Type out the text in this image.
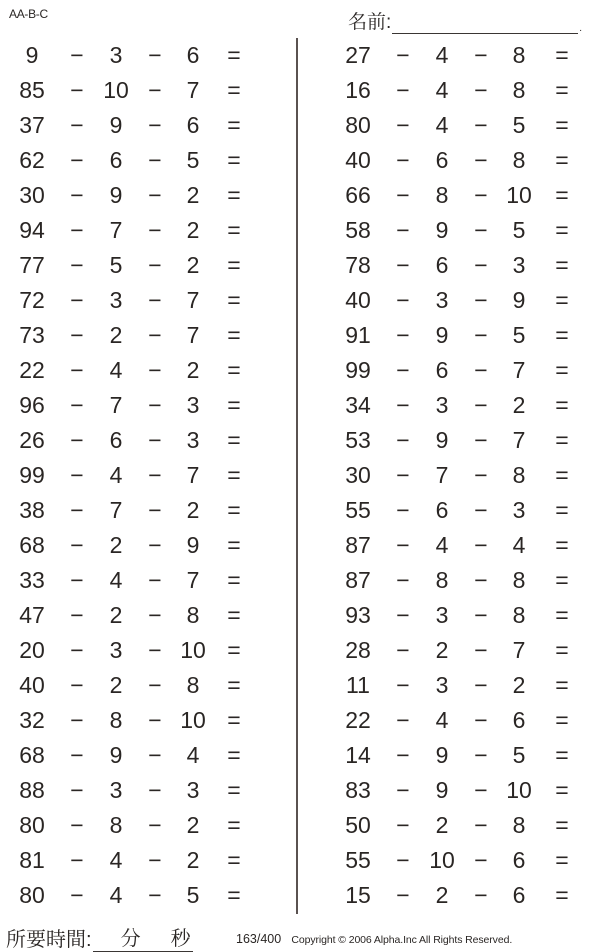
AA-B-C	名前:	.
9	−	3	−	6	=
85 − 10 −	7	=
37 −	9	−	6	=
62 −	6	−	5	=
30 −	9	−	2	=
94 −	7	−	2	=
77 −	5	−	2	=
72 −	3	−	7	=
73 −	2	−	7	=
22 −	4	−	2	=
96 −	7	−	3	=
26 −	6	−	3	=
99 −	4	−	7	=
38 −	7	−	2	=
68 −	2	−	9	=
33 −	4	−	7	=
47 −	2	−	8	=
20 −	3	− 10 =
40 −	2	−	8	=
32 −	8	− 10 =
68 −	9	−	4	=
88 −	3	−	3	=
80 −	8	−	2	=
81 −	4	−	2	=
80 −	4	−	5	=
27 −	4	−	8	=
16 −	4	−	8	=
80 −	4	−	5	=
40 −	6	−	8	=
66 −	8	− 10 =
58 −	9	−	5	=
78 −	6	−	3	=
40 −	3	−	9	=
91 −	9	−	5	=
99 −	6	−	7	=
34 −	3	−	2	=
53 −	9	−	7	=
30 −	7	−	8	=
55 −	6	−	3	=
87 −	4	−	4	=
87 −	8	−	8	=
93 −	3	−	8	=
28 −	2	−	7	=
11 −	3	−	2	=
22 −	4	−	6	=
14 −	9	−	5	=
83 −	9	− 10 =
50 −	2	−	8	=
55 − 10 −	6	=
15 −	2	−	6	=
所要時間: 分 秒	163/400 Copyright © 2006 Alpha.Inc All Rights Reserved.
